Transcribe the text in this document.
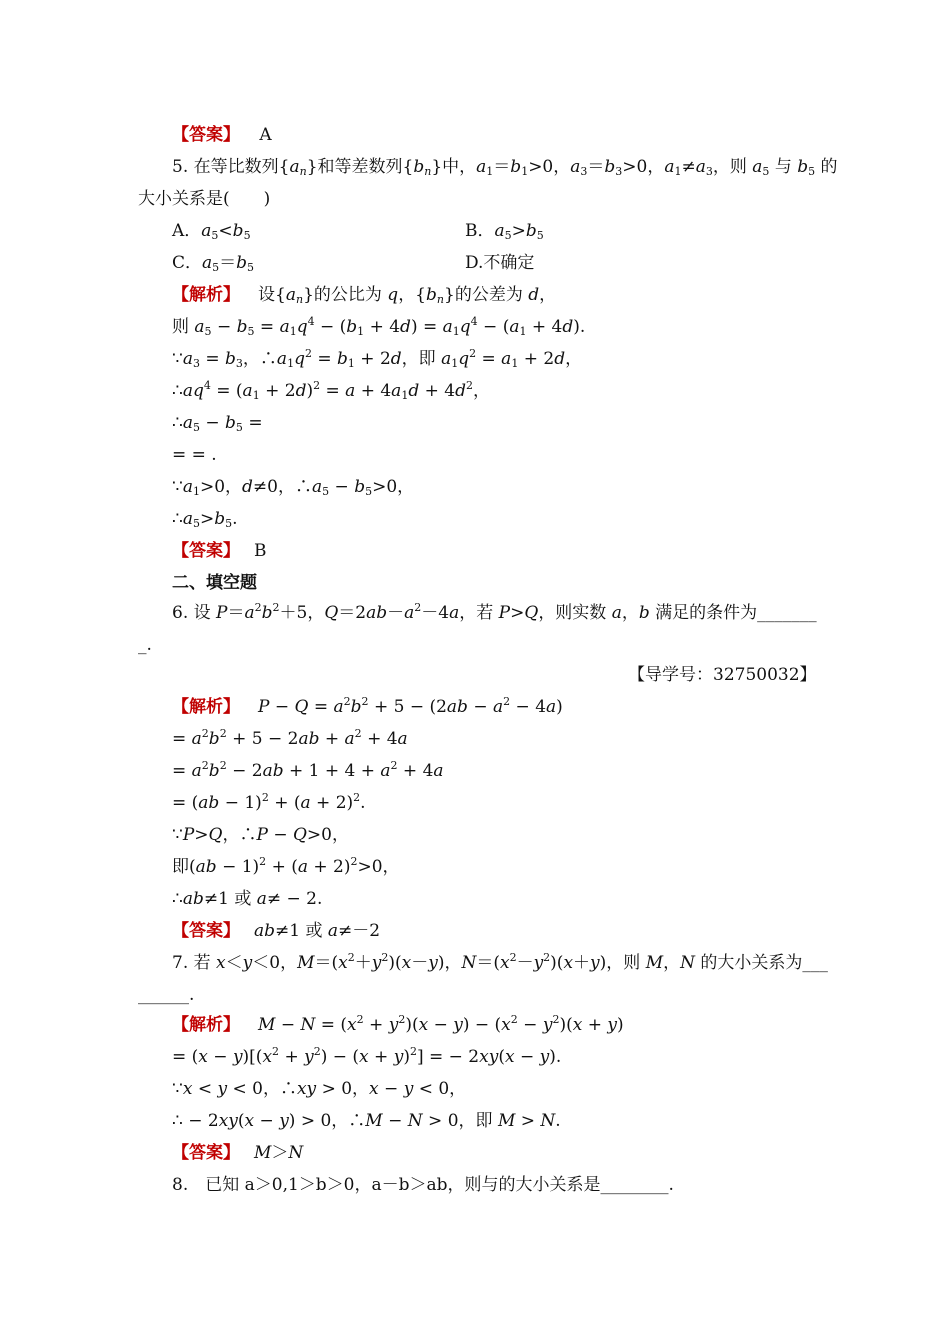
【答案】 A
5. 在等比数列$\{a_n\}$和等差数列$\{b_n\}$中，$a_1=b_1>0$，$a_3=b_3>0$，$a_1\ne a_3$，则 $a_5$ 与 $b_5$ 的
大小关系是(　　)
A．$a_5<b_5$	B．$a_5>b_5$
C．$a_5=b_5$	D.不确定
【解析】 设$\{a_n\}$的公比为 q，$\{b_n\}$的公差为 d，
则 $a_5 - b_5 = a_1q^4 - (b_1 + 4d) = a_1q^4 - (a_1 + 4d)$.
$\because a_3 = b_3$，$\therefore a_1q^2 = b_1 + 2d$，即 $a_1q^2 = a_1 + 2d$，
$\therefore aq^4 = (a_1 + 2d)^2 = a + 4a_1d + 4d^2$，
$\therefore a_5 - b_5$ =
= = .
$\because a_1>0$，d≠0，$\therefore a_5 - b_5>0$，
$\therefore a_5>b_5$.
【答案】 B
二、填空题
6. 设 $P=a^2b^2+5$，$Q=2ab-a^2-4a$，若 P>Q，则实数 a，b 满足的条件为_______
_.
【导学号：32750032】
【解析】 $P - Q = a^2b^2 + 5 - (2ab - a^2 - 4a)$
= $a^2b^2 + 5 - 2ab + a^2 + 4a$
= $a^2b^2 - 2ab + 1 + 4 + a^2 + 4a$
= $(ab - 1)^2 + (a + 2)^2$.
∵P>Q，∴P − Q>0，
即$(ab - 1)^2 + (a + 2)^2>0$，
∴ab≠1 或 a≠ − 2.
【答案】 ab≠1 或 a≠－2
7. 若 x＜y＜0，$M=(x^2+y^2)(x-y)$，$N=(x^2-y^2)(x+y)$，则 M，N 的大小关系为___
______.
【解析】 $M - N = (x^2 + y^2)(x - y) - (x^2 - y^2)(x + y)$
= $(x - y)[(x^2 + y^2) - (x + y)^2]$ = − 2xy(x − y).
∵x < y < 0，∴xy > 0，x − y < 0，
∴ − 2xy(x − y) > 0，∴M − N > 0，即 M > N.
【答案】 M＞N
8.　已知 a＞0,1＞b＞0，a－b＞ab，则与的大小关系是________.
